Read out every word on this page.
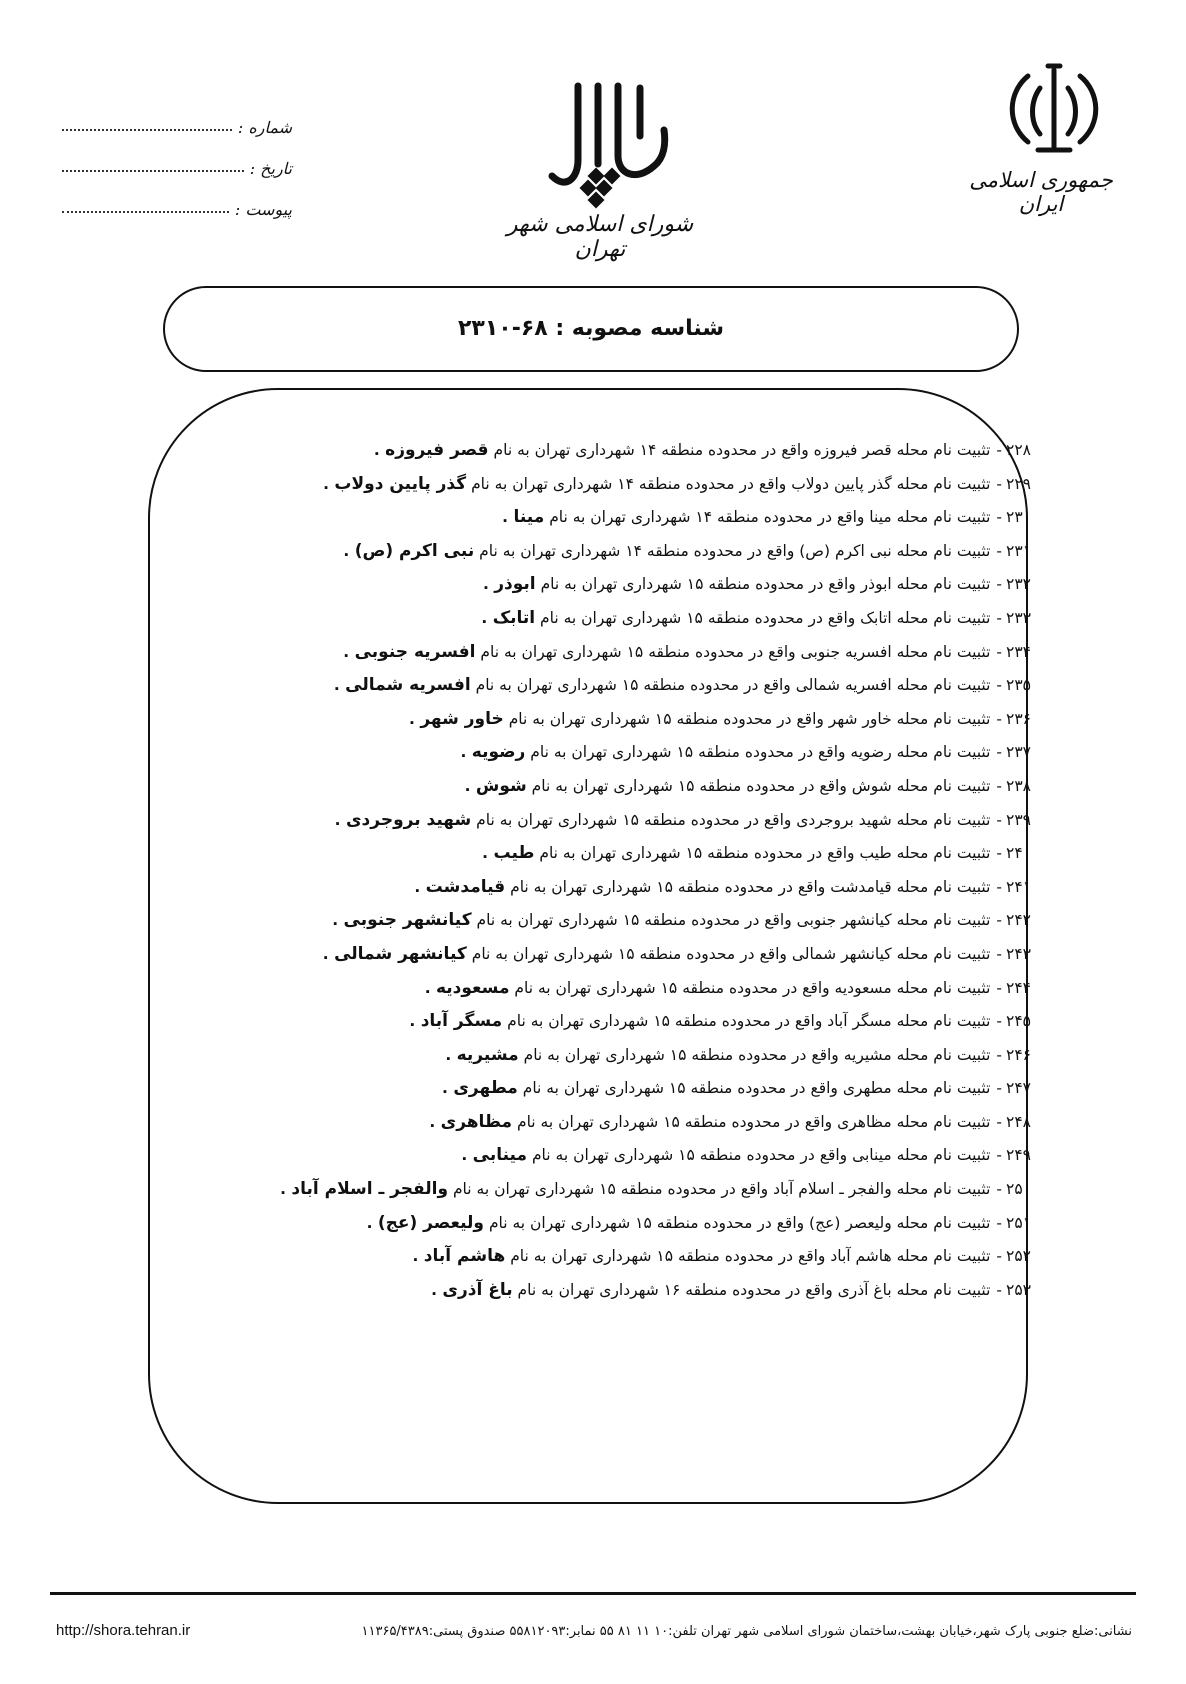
جمهوری اسلامی ایران
شورای اسلامی شهر تهران
شماره :
تاریخ :
پیوست :
شناسه مصوبه : ۶۸-۲۳۱۰
۲۲۸-تثبیت نام محله قصر فیروزه واقع در محدوده منطقه ۱۴ شهرداری تهران به نام قصر فیروزه .
۲۲۹-تثبیت نام محله گذر پایین دولاب واقع در محدوده منطقه ۱۴ شهرداری تهران به نام گذر پایین دولاب .
۲۳۰-تثبیت نام محله مینا واقع در محدوده منطقه ۱۴ شهرداری تهران به نام مینا .
۲۳۱-تثبیت نام محله نبی اکرم (ص) واقع در محدوده منطقه ۱۴ شهرداری تهران به نام نبی اکرم (ص) .
۲۳۲-تثبیت نام محله ابوذر واقع در محدوده منطقه ۱۵ شهرداری تهران به نام ابوذر .
۲۳۳-تثبیت نام محله اتابک واقع در محدوده منطقه ۱۵ شهرداری تهران به نام اتابک .
۲۳۴-تثبیت نام محله افسریه جنوبی واقع در محدوده منطقه ۱۵ شهرداری تهران به نام افسریه جنوبی .
۲۳۵-تثبیت نام محله افسریه شمالی واقع در محدوده منطقه ۱۵ شهرداری تهران به نام افسریه شمالی .
۲۳۶-تثبیت نام محله خاور شهر واقع در محدوده منطقه ۱۵ شهرداری تهران به نام خاور شهر .
۲۳۷-تثبیت نام محله رضویه واقع در محدوده منطقه ۱۵ شهرداری تهران به نام رضویه .
۲۳۸-تثبیت نام محله شوش واقع در محدوده منطقه ۱۵ شهرداری تهران به نام شوش .
۲۳۹-تثبیت نام محله شهید بروجردی واقع در محدوده منطقه ۱۵ شهرداری تهران به نام شهید بروجردی .
۲۴۰-تثبیت نام محله طیب واقع در محدوده منطقه ۱۵ شهرداری تهران به نام طیب .
۲۴۱-تثبیت نام محله قیامدشت واقع در محدوده منطقه ۱۵ شهرداری تهران به نام قیامدشت .
۲۴۲-تثبیت نام محله کیانشهر جنوبی واقع در محدوده منطقه ۱۵ شهرداری تهران به نام کیانشهر جنوبی .
۲۴۳-تثبیت نام محله کیانشهر شمالی واقع در محدوده منطقه ۱۵ شهرداری تهران به نام کیانشهر شمالی .
۲۴۴-تثبیت نام محله مسعودیه واقع در محدوده منطقه ۱۵ شهرداری تهران به نام مسعودیه .
۲۴۵-تثبیت نام محله مسگر آباد واقع در محدوده منطقه ۱۵ شهرداری تهران به نام مسگر آباد .
۲۴۶-تثبیت نام محله مشیریه واقع در محدوده منطقه ۱۵ شهرداری تهران به نام مشیریه .
۲۴۷-تثبیت نام محله مطهری واقع در محدوده منطقه ۱۵ شهرداری تهران به نام مطهری .
۲۴۸-تثبیت نام محله مظاهری واقع در محدوده منطقه ۱۵ شهرداری تهران به نام مظاهری .
۲۴۹-تثبیت نام محله مینابی واقع در محدوده منطقه ۱۵ شهرداری تهران به نام مینابی .
۲۵۰-تثبیت نام محله والفجر ـ اسلام آباد واقع در محدوده منطقه ۱۵ شهرداری تهران به نام والفجر ـ اسلام آباد .
۲۵۱-تثبیت نام محله ولیعصر (عج) واقع در محدوده منطقه ۱۵ شهرداری تهران به نام ولیعصر (عج) .
۲۵۲-تثبیت نام محله هاشم آباد واقع در محدوده منطقه ۱۵ شهرداری تهران به نام هاشم آباد .
۲۵۳-تثبیت نام محله باغ آذری واقع در محدوده منطقه ۱۶ شهرداری تهران به نام باغ آذری .
نشانی:ضلع جنوبی پارک شهر،خیابان بهشت،ساختمان شورای اسلامی شهر تهران تلفن:۱۰ ۱۱ ۸۱ ۵۵ نمابر:۵۵۸۱۲۰۹۳ صندوق پستی:۱۱۳۶۵/۴۳۸۹
http://shora.tehran.ir
